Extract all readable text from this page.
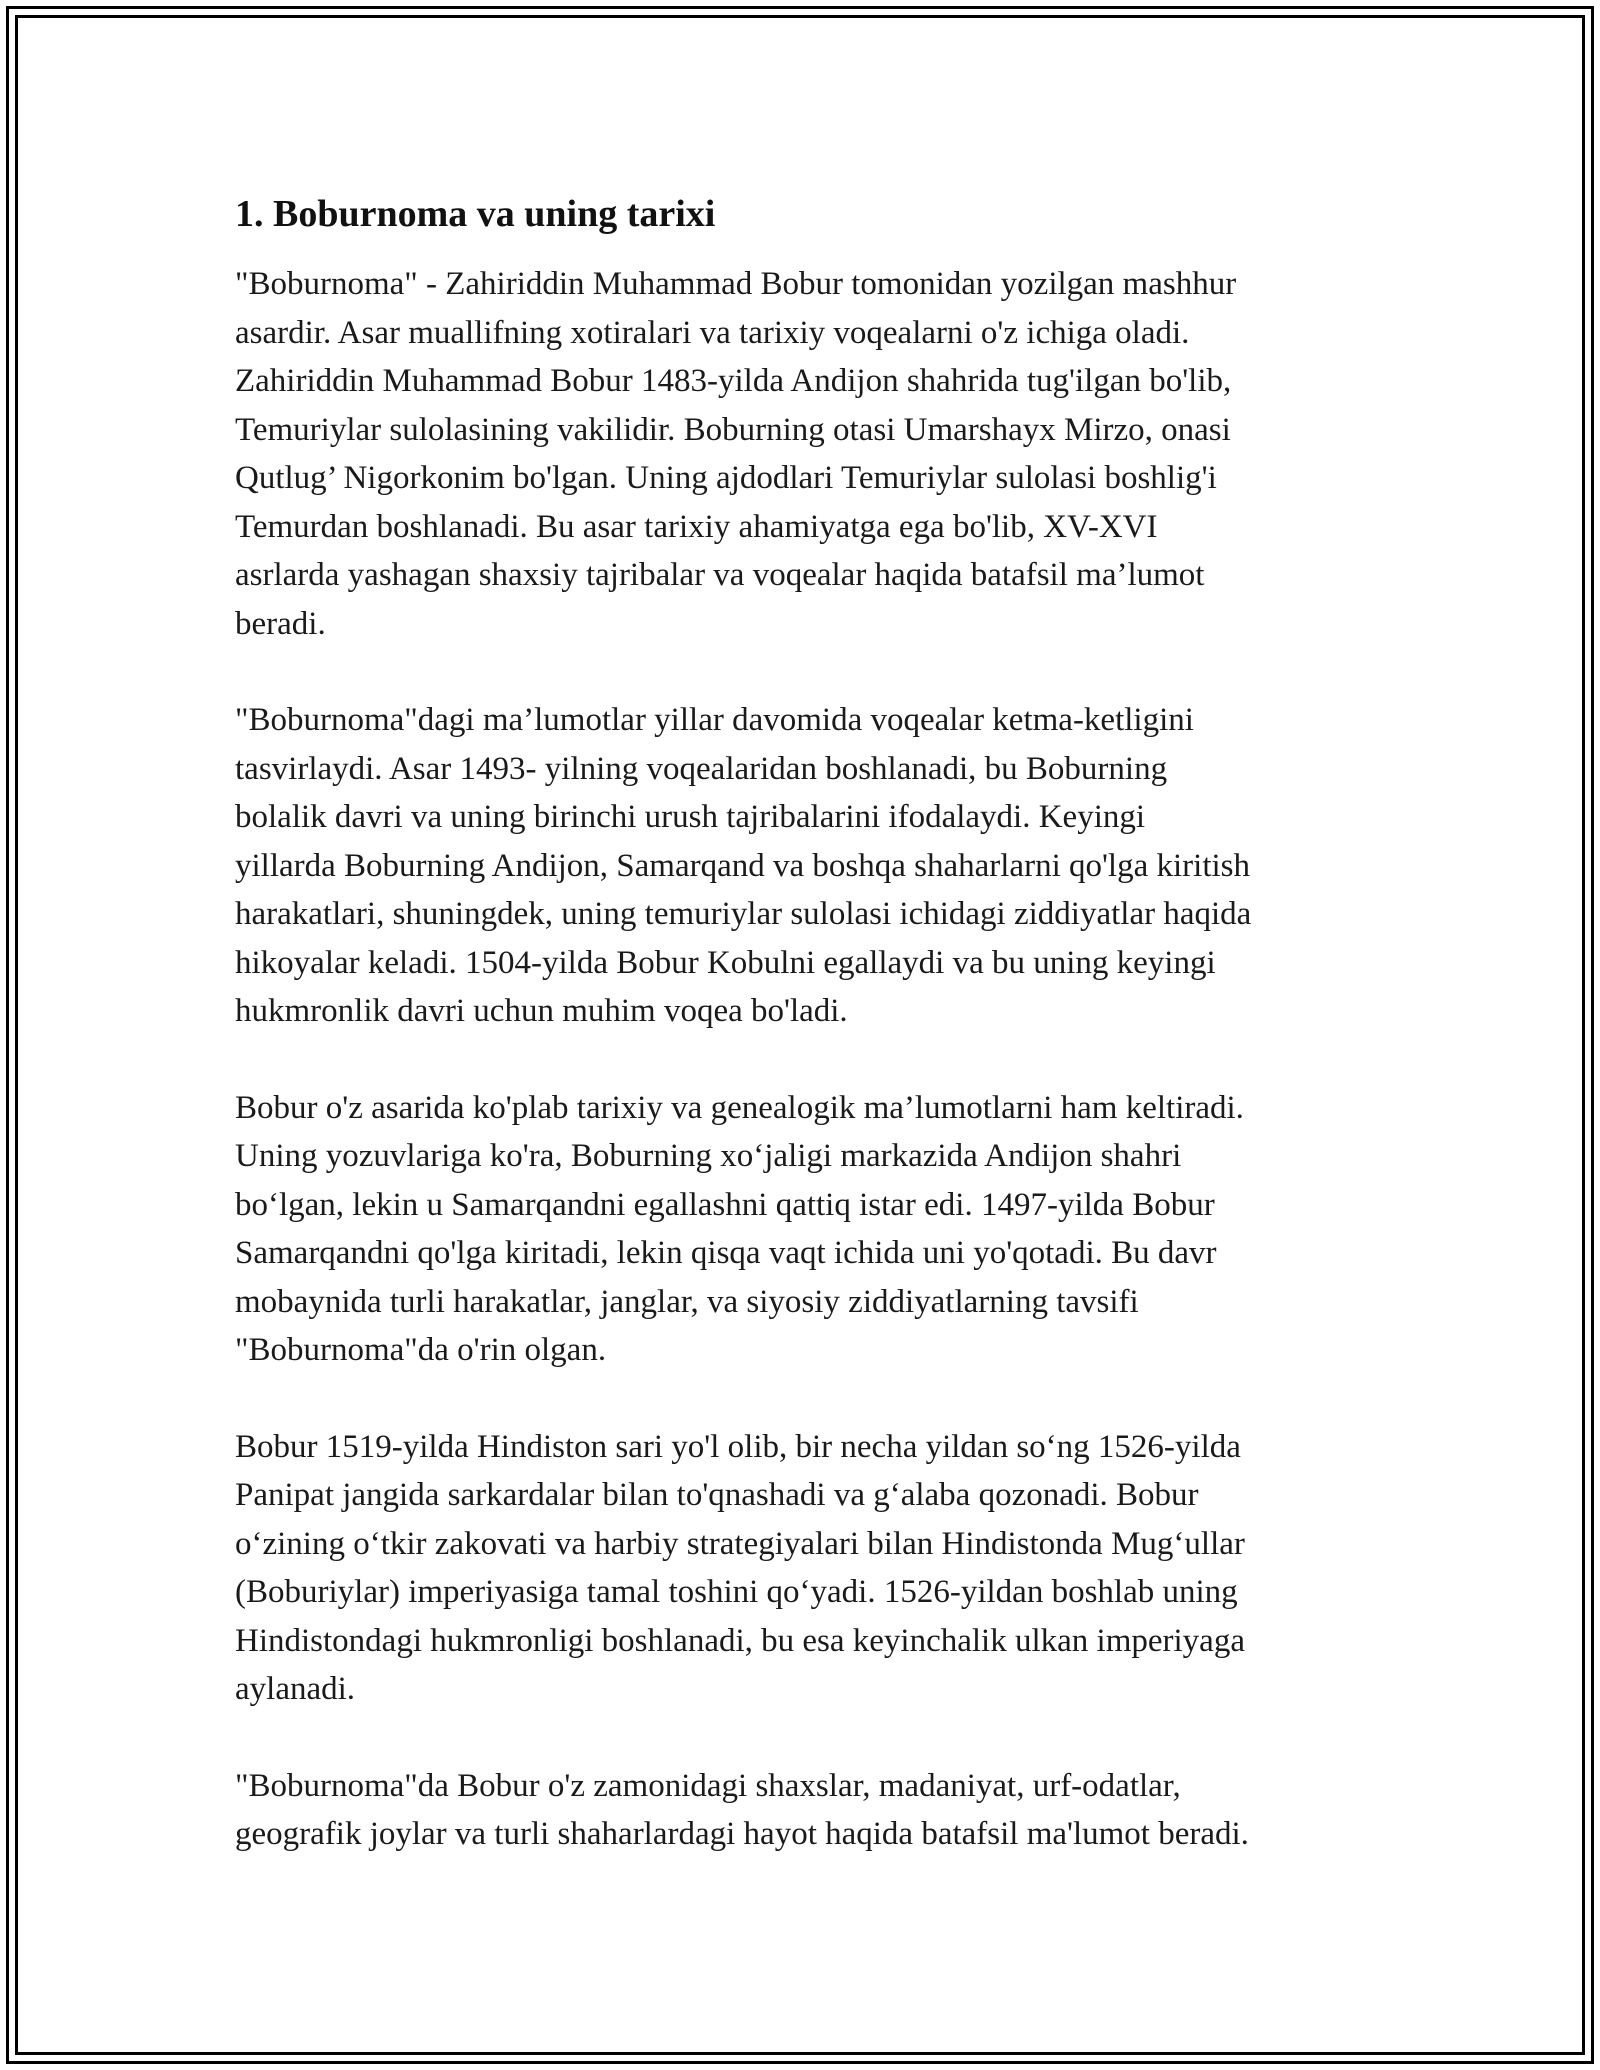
1. Boburnoma va uning tarixi

"Boburnoma" - Zahiriddin Muhammad Bobur tomonidan yozilgan mashhur
asardir. Asar muallifning xotiralari va tarixiy voqealarni o'z ichiga oladi.
Zahiriddin Muhammad Bobur 1483-yilda Andijon shahrida tug'ilgan bo'lib,
Temuriylar sulolasining vakilidir. Boburning otasi Umarshayx Mirzo, onasi
Qutlug’ Nigorkonim bo'lgan. Uning ajdodlari Temuriylar sulolasi boshlig'i
Temurdan boshlanadi. Bu asar tarixiy ahamiyatga ega bo'lib, XV-XVI
asrlarda yashagan shaxsiy tajribalar va voqealar haqida batafsil ma’lumot
beradi.

"Boburnoma"dagi ma’lumotlar yillar davomida voqealar ketma-ketligini
tasvirlaydi. Asar 1493- yilning voqealaridan boshlanadi, bu Boburning
bolalik davri va uning birinchi urush tajribalarini ifodalaydi. Keyingi
yillarda Boburning Andijon, Samarqand va boshqa shaharlarni qo'lga kiritish
harakatlari, shuningdek, uning temuriylar sulolasi ichidagi ziddiyatlar haqida
hikoyalar keladi. 1504-yilda Bobur Kobulni egallaydi va bu uning keyingi
hukmronlik davri uchun muhim voqea bo'ladi.

Bobur o'z asarida ko'plab tarixiy va genealogik ma’lumotlarni ham keltiradi.
Uning yozuvlariga ko'ra, Boburning xo‘jaligi markazida Andijon shahri
bo‘lgan, lekin u Samarqandni egallashni qattiq istar edi. 1497-yilda Bobur
Samarqandni qo'lga kiritadi, lekin qisqa vaqt ichida uni yo'qotadi. Bu davr
mobaynida turli harakatlar, janglar, va siyosiy ziddiyatlarning tavsifi
"Boburnoma"da o'rin olgan.

Bobur 1519-yilda Hindiston sari yo'l olib, bir necha yildan so‘ng 1526-yilda
Panipat jangida sarkardalar bilan to'qnashadi va g‘alaba qozonadi. Bobur
o‘zining o‘tkir zakovati va harbiy strategiyalari bilan Hindistonda Mug‘ullar
(Boburiylar) imperiyasiga tamal toshini qo‘yadi. 1526-yildan boshlab uning
Hindistondagi hukmronligi boshlanadi, bu esa keyinchalik ulkan imperiyaga
aylanadi.

"Boburnoma"da Bobur o'z zamonidagi shaxslar, madaniyat, urf-odatlar,
geografik joylar va turli shaharlardagi hayot haqida batafsil ma'lumot beradi.
